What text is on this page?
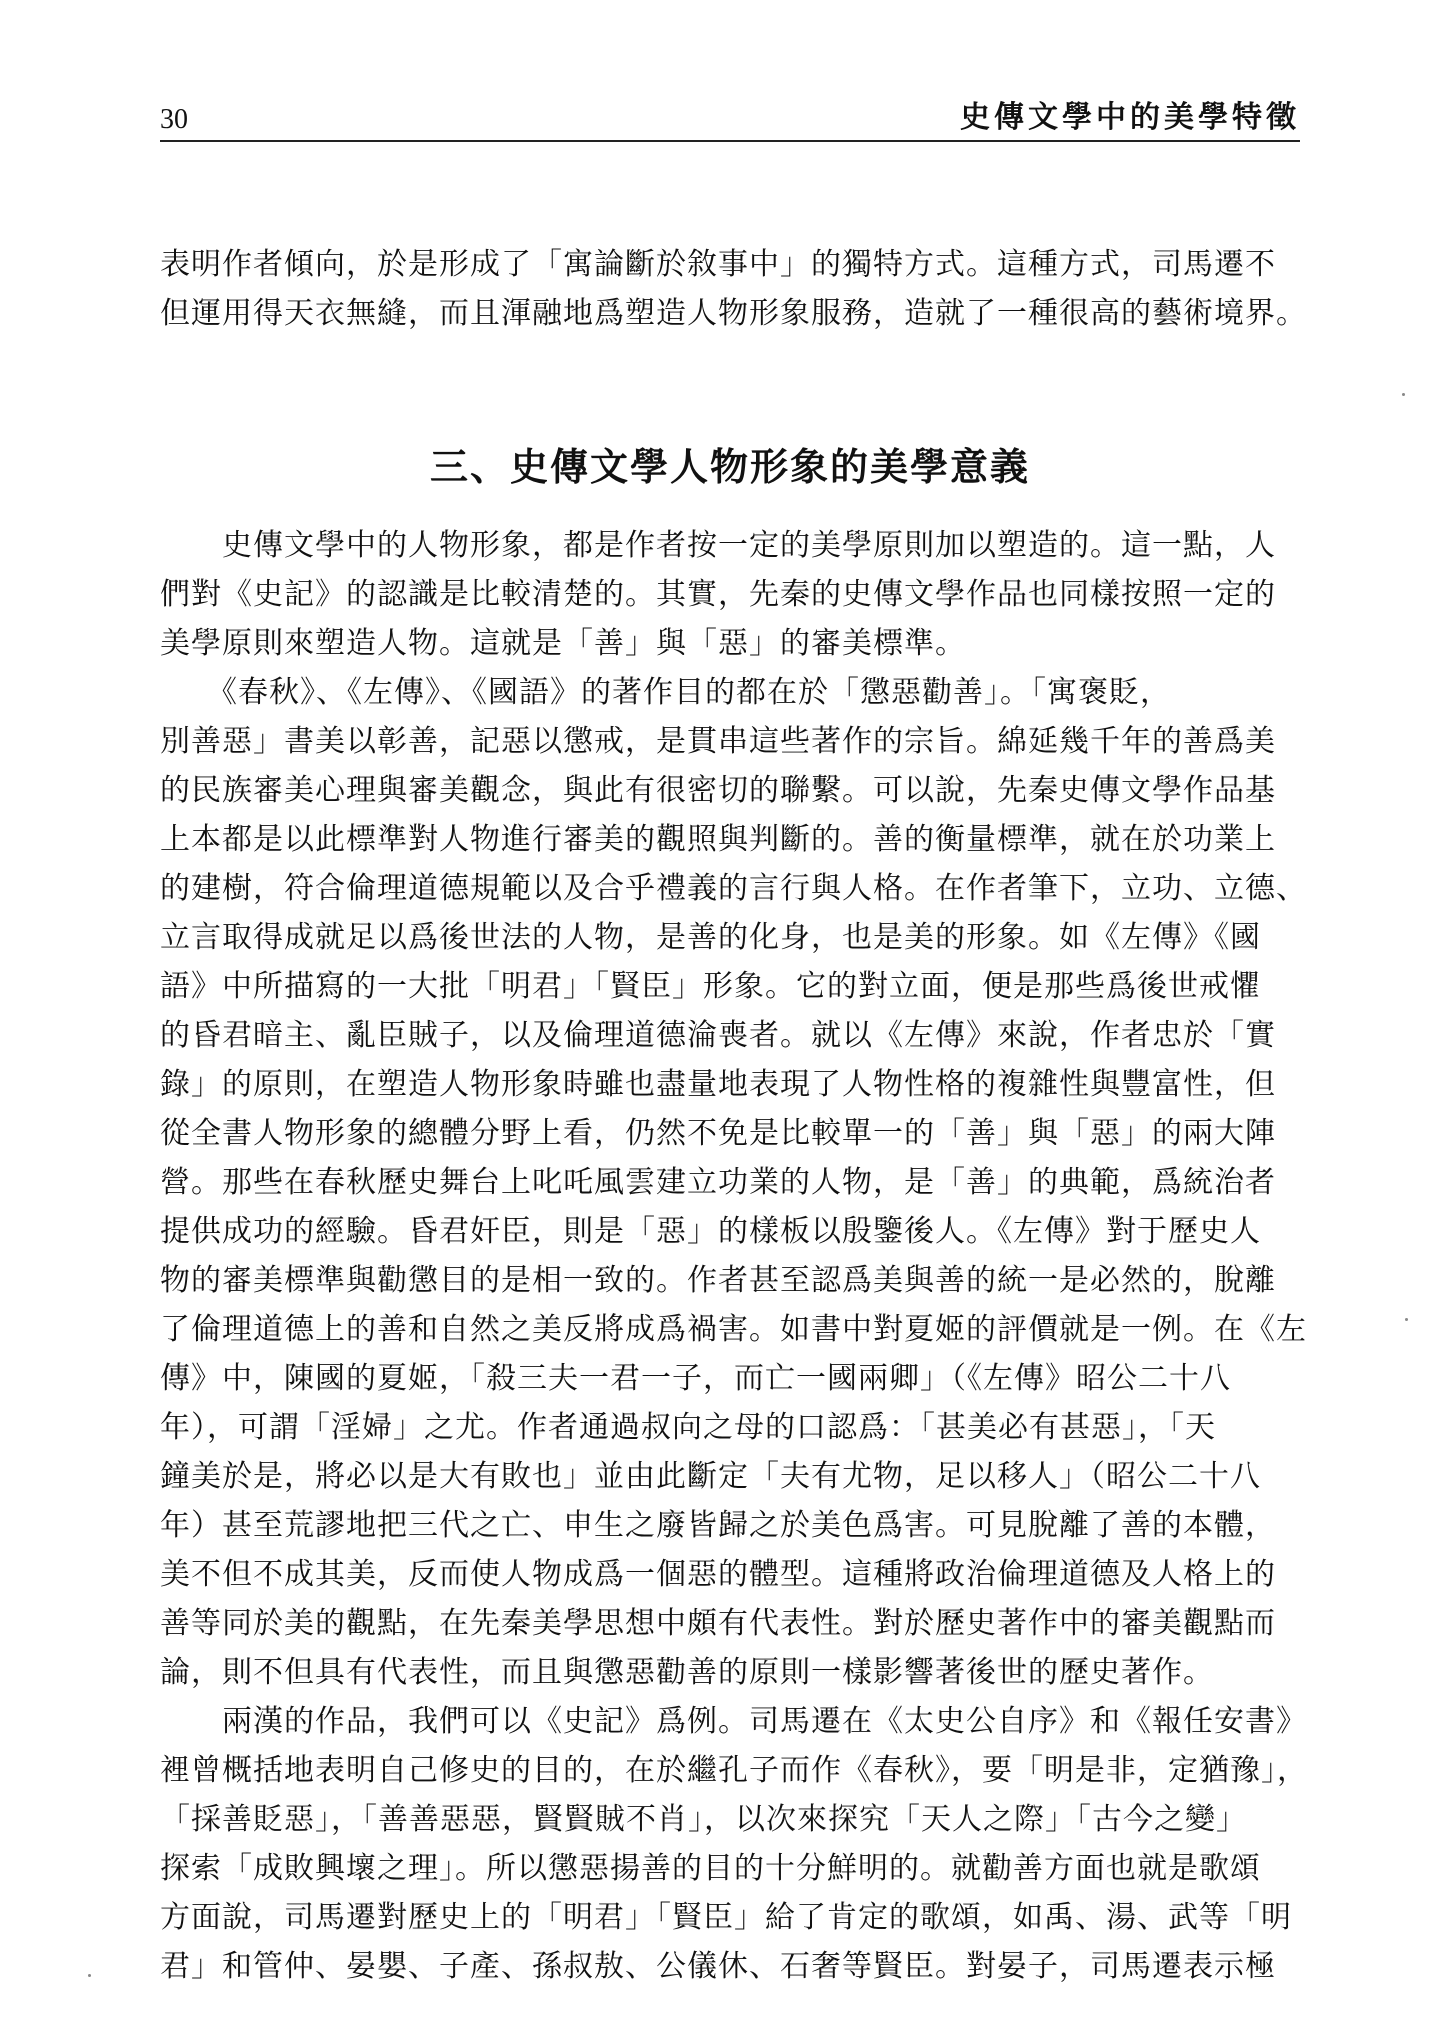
30	史傳文學中的美學特徵
表明作者傾向，於是形成了「寓論斷於敘事中」的獨特方式。這種方式，司馬遷不
但運用得天衣無縫，而且渾融地爲塑造人物形象服務，造就了一種很高的藝術境界。
三、史傳文學人物形象的美學意義
　　史傳文學中的人物形象，都是作者按一定的美學原則加以塑造的。這一點，人
們對《史記》的認識是比較清楚的。其實，先秦的史傳文學作品也同樣按照一定的
美學原則來塑造人物。這就是「善」與「惡」的審美標準。
　　《春秋》、《左傳》、《國語》的著作目的都在於「懲惡勸善」。「寓褒貶，
別善惡」書美以彰善，記惡以懲戒，是貫串這些著作的宗旨。綿延幾千年的善爲美
的民族審美心理與審美觀念，與此有很密切的聯繫。可以說，先秦史傳文學作品基
上本都是以此標準對人物進行審美的觀照與判斷的。善的衡量標準，就在於功業上
的建樹，符合倫理道德規範以及合乎禮義的言行與人格。在作者筆下，立功、立德、
立言取得成就足以爲後世法的人物，是善的化身，也是美的形象。如《左傳》《國
語》中所描寫的一大批「明君」「賢臣」形象。它的對立面，便是那些爲後世戒懼
的昏君暗主、亂臣賊子，以及倫理道德淪喪者。就以《左傳》來說，作者忠於「實
錄」的原則，在塑造人物形象時雖也盡量地表現了人物性格的複雜性與豐富性，但
從全書人物形象的總體分野上看，仍然不免是比較單一的「善」與「惡」的兩大陣
營。那些在春秋歷史舞台上叱吒風雲建立功業的人物，是「善」的典範，爲統治者
提供成功的經驗。昏君奸臣，則是「惡」的樣板以殷鑒後人。《左傳》對于歷史人
物的審美標準與勸懲目的是相一致的。作者甚至認爲美與善的統一是必然的，脫離
了倫理道德上的善和自然之美反將成爲禍害。如書中對夏姬的評價就是一例。在《左
傳》中，陳國的夏姬，「殺三夫一君一子，而亡一國兩卿」（《左傳》昭公二十八
年），可謂「淫婦」之尤。作者通過叔向之母的口認爲：「甚美必有甚惡」，「天
鐘美於是，將必以是大有敗也」並由此斷定「夫有尤物，足以移人」（昭公二十八
年）甚至荒謬地把三代之亡、申生之廢皆歸之於美色爲害。可見脫離了善的本體，
美不但不成其美，反而使人物成爲一個惡的體型。這種將政治倫理道德及人格上的
善等同於美的觀點，在先秦美學思想中頗有代表性。對於歷史著作中的審美觀點而
論，則不但具有代表性，而且與懲惡勸善的原則一樣影響著後世的歷史著作。
　　兩漢的作品，我們可以《史記》爲例。司馬遷在《太史公自序》和《報任安書》
裡曾概括地表明自己修史的目的，在於繼孔子而作《春秋》，要「明是非，定猶豫」，
「採善貶惡」，「善善惡惡，賢賢賊不肖」，以次來探究「天人之際」「古今之變」
探索「成敗興壞之理」。所以懲惡揚善的目的十分鮮明的。就勸善方面也就是歌頌
方面說，司馬遷對歷史上的「明君」「賢臣」給了肯定的歌頌，如禹、湯、武等「明
君」和管仲、晏嬰、子產、孫叔敖、公儀休、石奢等賢臣。對晏子，司馬遷表示極
